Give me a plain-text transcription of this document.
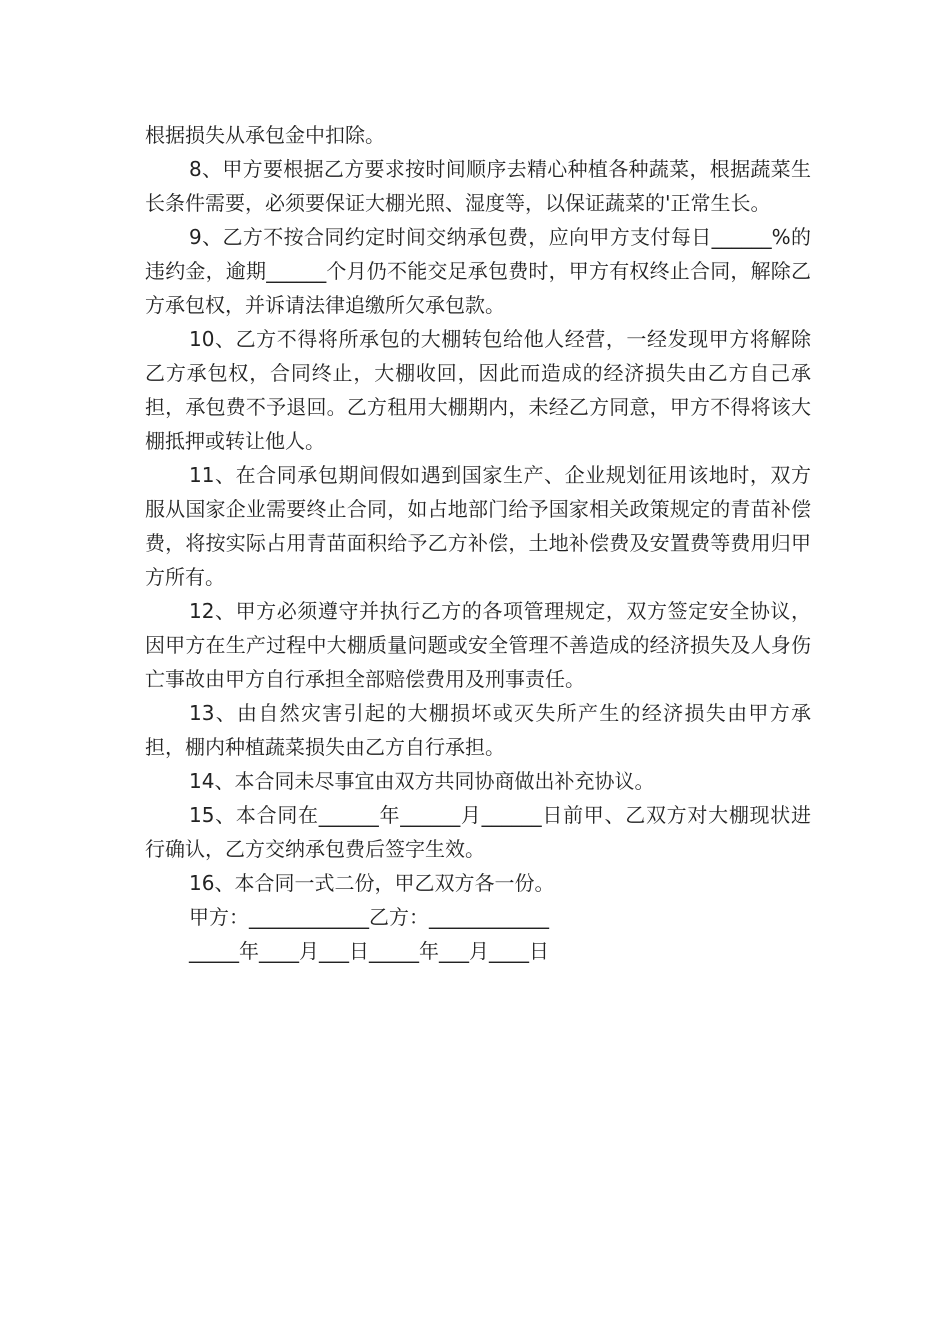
根据损失从承包金中扣除。

8、甲方要根据乙方要求按时间顺序去精心种植各种蔬菜，根据蔬菜生长条件需要，必须要保证大棚光照、湿度等，以保证蔬菜的'正常生长。

9、乙方不按合同约定时间交纳承包费，应向甲方支付每日______%的违约金，逾期______个月仍不能交足承包费时，甲方有权终止合同，解除乙方承包权，并诉请法律追缴所欠承包款。

10、乙方不得将所承包的大棚转包给他人经营，一经发现甲方将解除乙方承包权，合同终止，大棚收回，因此而造成的经济损失由乙方自己承担，承包费不予退回。乙方租用大棚期内，未经乙方同意，甲方不得将该大棚抵押或转让他人。

11、在合同承包期间假如遇到国家生产、企业规划征用该地时，双方服从国家企业需要终止合同，如占地部门给予国家相关政策规定的青苗补偿费，将按实际占用青苗面积给予乙方补偿，土地补偿费及安置费等费用归甲方所有。

12、甲方必须遵守并执行乙方的各项管理规定，双方签定安全协议，因甲方在生产过程中大棚质量问题或安全管理不善造成的经济损失及人身伤亡事故由甲方自行承担全部赔偿费用及刑事责任。

13、由自然灾害引起的大棚损坏或灭失所产生的经济损失由甲方承担，棚内种植蔬菜损失由乙方自行承担。

14、本合同未尽事宜由双方共同协商做出补充协议。

15、本合同在______年______月______日前甲、乙双方对大棚现状进行确认，乙方交纳承包费后签字生效。

16、本合同一式二份，甲乙双方各一份。

甲方：____________乙方：____________

_____年____月___日_____年___月____日
